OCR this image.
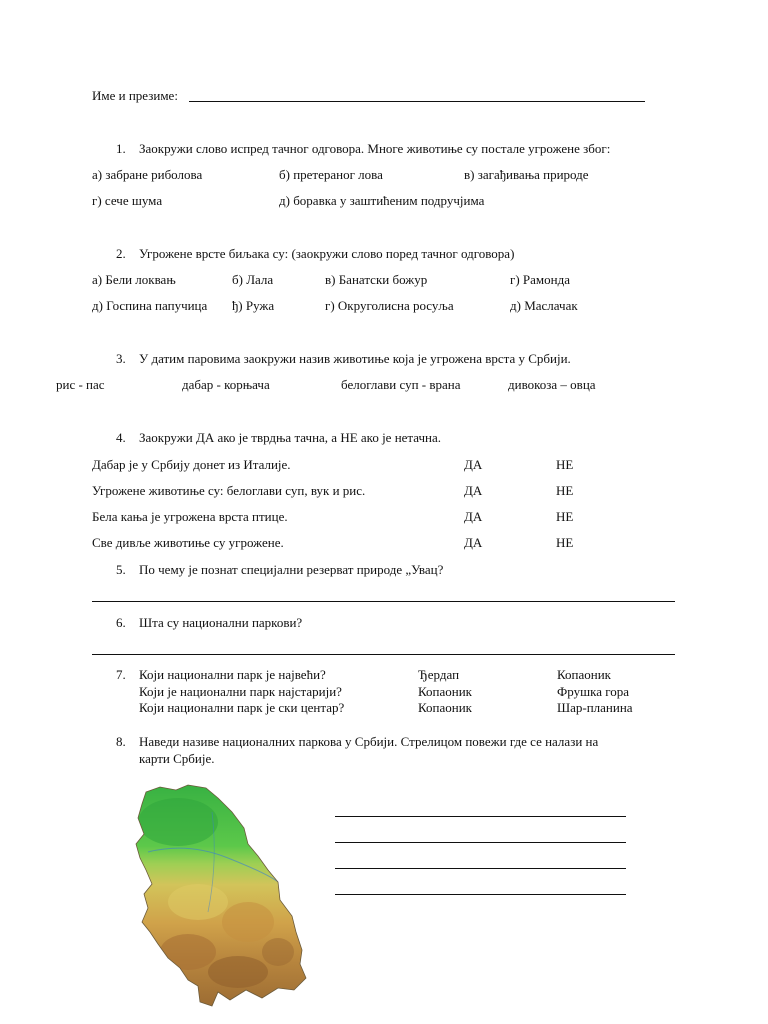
Име и презиме:
1. Заокружи слово испред тачног одговора. Многе животиње су постале угрожене због:
а) забране риболова	б) претераног лова	в) загађивања природе
г) сече шума	д) боравка у заштићеним подручјима
2. Угрожене врсте биљака су: (заокружи слово поред тачног одговора)
а) Бели локвањ	б) Лала	в) Банатски божур	г) Рамонда
д) Госпина папучица ђ) Ружа	г) Округолисна росуља	д) Маслачак
3. У датим паровима заокружи назив животиње која је угрожена врста у Србији.
рис - пас	дабар - корњача	белоглави суп - врана	дивокоза – овца
4. Заокружи ДА ако је тврдња тачна, а НЕ ако је нетачна.
Дабар је у Србију донет из Италије.	ДА	НЕ
Угрожене животиње су: белоглави суп, вук и рис.	ДА	НЕ
Бела кања је угрожена врста птице.	ДА	НЕ
Све дивље животиње су угрожене.	ДА	НЕ
5. По чему је познат специјални резерват природе „Увац?
6. Шта су национални паркови?
7. Који национални парк је највећи?	Ђердап	Копаоник
Који је национални парк најстарији?	Копаоник	Фрушка гора
Који национални парк је ски центар?	Копаоник	Шар-планина
8. Наведи називе националних паркова у Србији. Стрелицом повежи где се налази на
карти Србије.
